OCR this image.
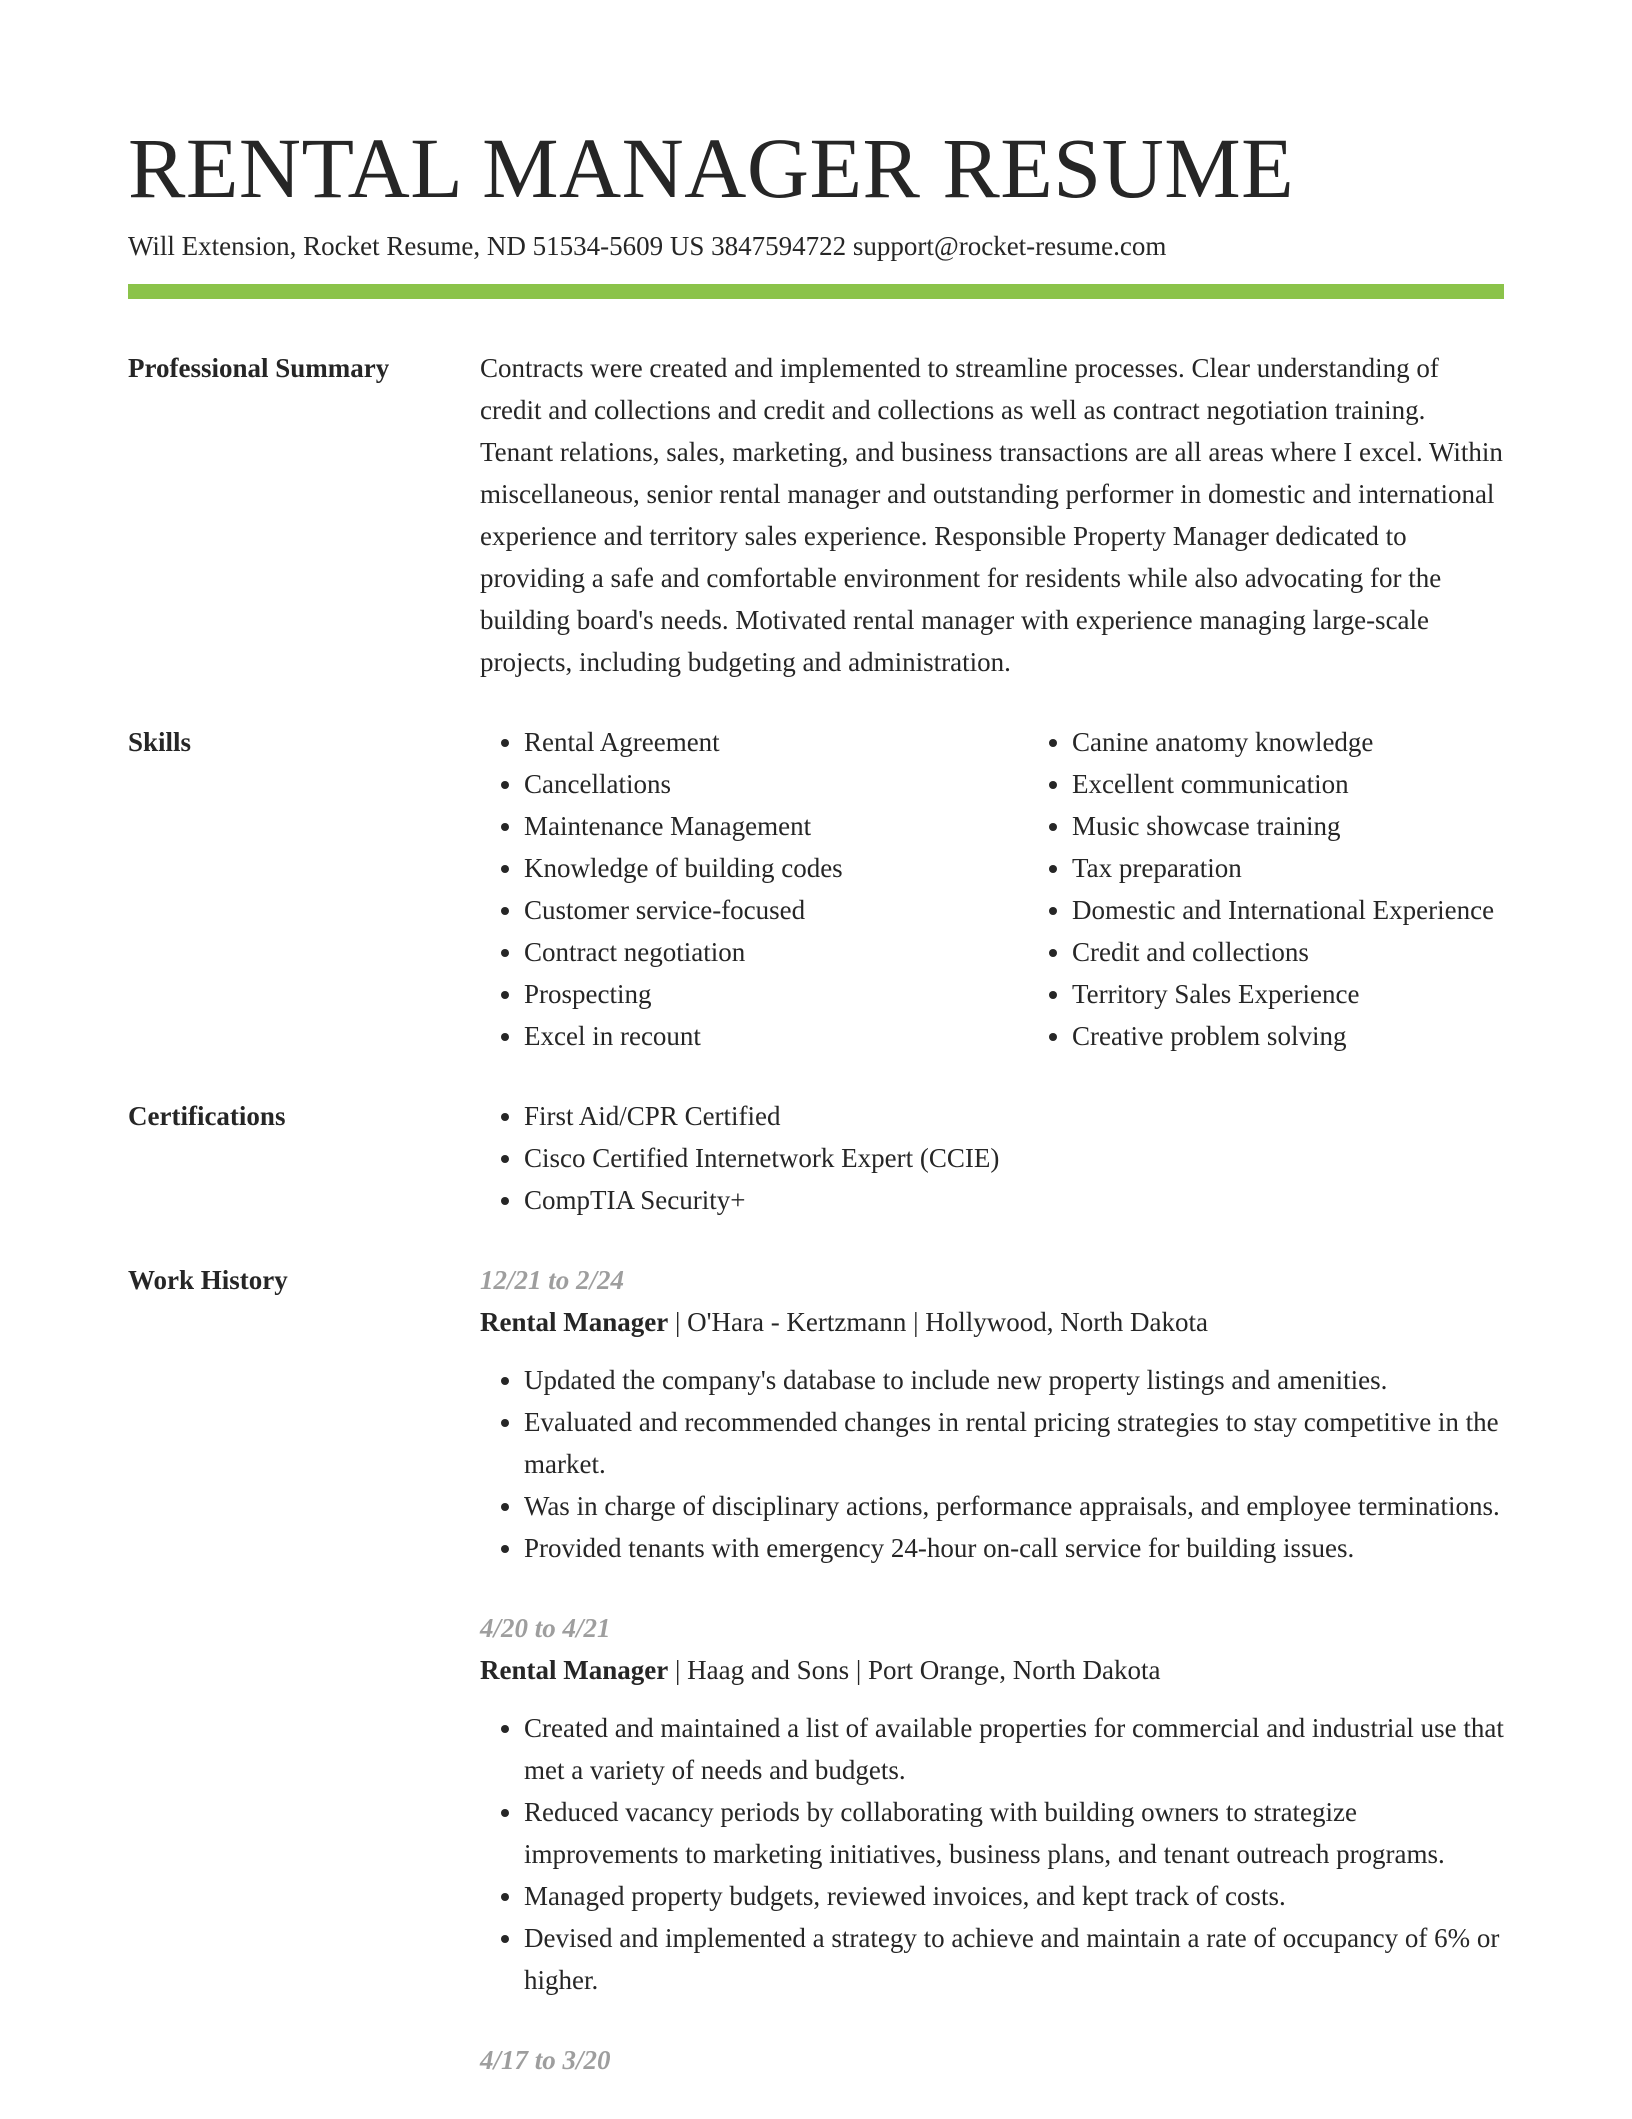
RENTAL MANAGER RESUME
Will Extension, Rocket Resume, ND 51534-5609 US 3847594722 support@rocket-resume.com
Professional Summary	Contracts were created and implemented to streamline processes. Clear understanding of credit and collections and credit and collections as well as contract negotiation training. Tenant relations, sales, marketing, and business transactions are all areas where I excel. Within miscellaneous, senior rental manager and outstanding performer in domestic and international experience and territory sales experience. Responsible Property Manager dedicated to providing a safe and comfortable environment for residents while also advocating for the building board's needs. Motivated rental manager with experience managing large-scale projects, including budgeting and administration.

Skills	• Rental Agreement
• Cancellations
• Maintenance Management
• Knowledge of building codes
• Customer service-focused
• Contract negotiation
• Prospecting
• Excel in recount
• Canine anatomy knowledge
• Excellent communication
• Music showcase training
• Tax preparation
• Domestic and International Experience
• Credit and collections
• Territory Sales Experience
• Creative problem solving
Certifications	• First Aid/CPR Certified
• Cisco Certified Internetwork Expert (CCIE)
• CompTIA Security+
Work History	12/21 to 2/24
Rental Manager | O'Hara - Kertzmann | Hollywood, North Dakota
• Updated the company's database to include new property listings and amenities.
• Evaluated and recommended changes in rental pricing strategies to stay competitive in the market.
• Was in charge of disciplinary actions, performance appraisals, and employee terminations.
• Provided tenants with emergency 24-hour on-call service for building issues.
4/20 to 4/21
Rental Manager | Haag and Sons | Port Orange, North Dakota
• Created and maintained a list of available properties for commercial and industrial use that met a variety of needs and budgets.
• Reduced vacancy periods by collaborating with building owners to strategize improvements to marketing initiatives, business plans, and tenant outreach programs.
• Managed property budgets, reviewed invoices, and kept track of costs.
• Devised and implemented a strategy to achieve and maintain a rate of occupancy of 6% or higher.
4/17 to 3/20
